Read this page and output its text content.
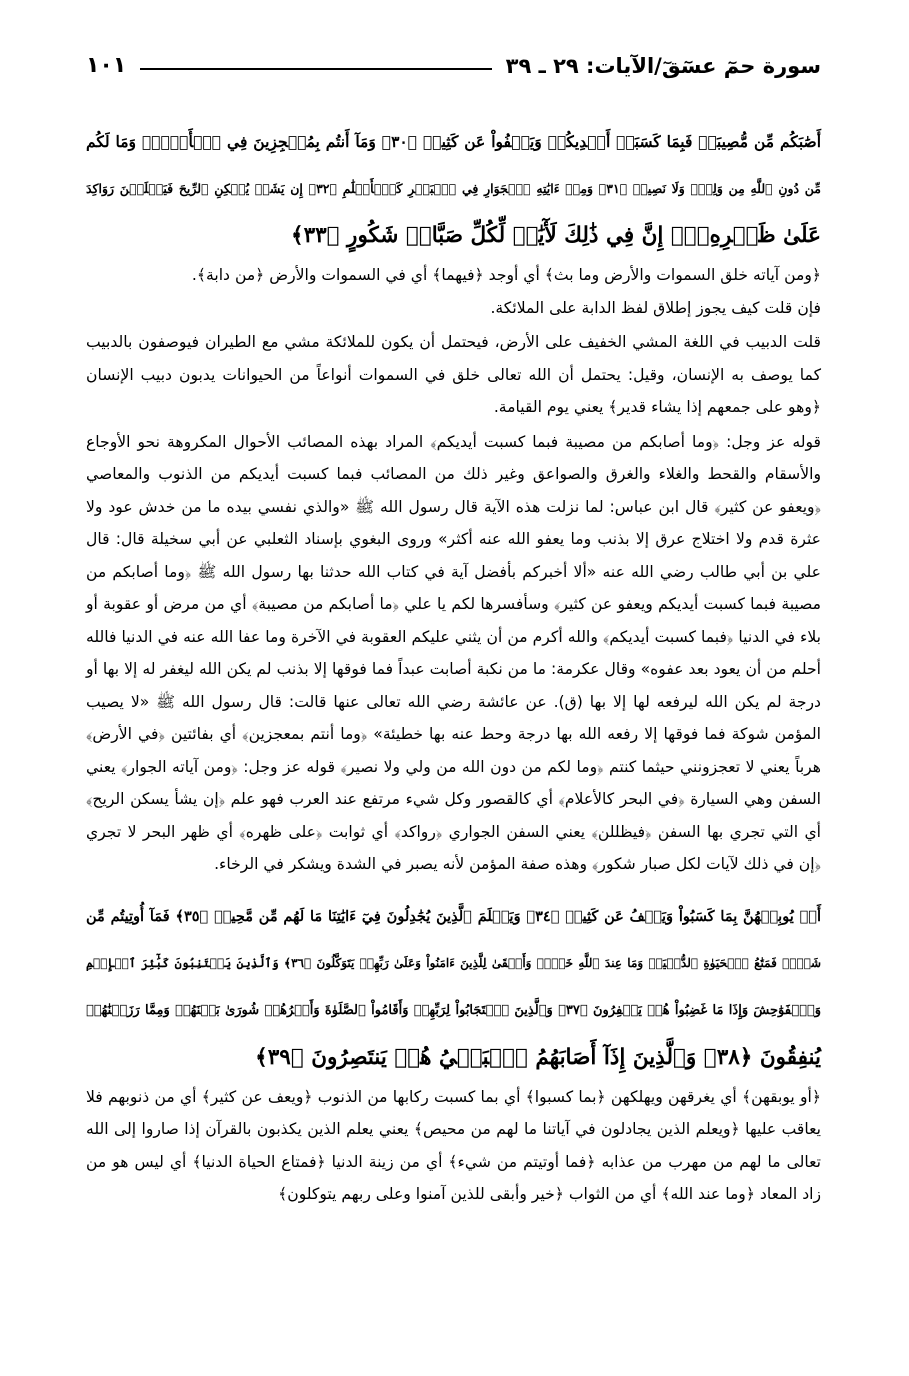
سورة حمٓ عسٓقٓ/الآيات: ٢٩ ـ ٣٩
١٠١

أَصَٰبَكُم مِّن مُّصِيبَةٖ فَبِمَا كَسَبَتۡ أَيۡدِيكُمۡ وَيَعۡفُواْ عَن كَثِيرٖ ﴿٣٠﴾ وَمَآ أَنتُم بِمُعۡجِزِينَ فِي ٱلۡأَرۡضِۖ وَمَا لَكُم

مِّن دُونِ ٱللَّهِ مِن وَلِيّٖ وَلَا نَصِيرٖ ﴿٣١﴾ وَمِنۡ ءَايَٰتِهِ ٱلۡجَوَارِ فِي ٱلۡبَحۡرِ كَٱلۡأَعۡلَٰمِ ﴿٣٢﴾ إِن يَشَأۡ يُسۡكِنِ ٱلرِّيحَ فَيَظۡلَلۡنَ رَوَاكِدَ

عَلَىٰ ظَهۡرِهِۦٓۚ إِنَّ فِي ذَٰلِكَ لَأٓيَٰتٖ لِّكُلِّ صَبَّارٖ شَكُورٍ ﴿٣٣﴾

﴿ومن آياته خلق السموات والأرض وما بث﴾ أي أوجد ﴿فيهما﴾ أي في السموات والأرض ﴿من دابة﴾.

فإن قلت كيف يجوز إطلاق لفظ الدابة على الملائكة.

قلت الدبيب في اللغة المشي الخفيف على الأرض، فيحتمل أن يكون للملائكة مشي مع الطيران فيوصفون بالدبيب كما يوصف به الإنسان، وقيل: يحتمل أن الله تعالى خلق في السموات أنواعاً من الحيوانات يدبون دبيب الإنسان ﴿وهو على جمعهم إذا يشاء قدير﴾ يعني يوم القيامة.

قوله عز وجل: ﴿وما أصابكم من مصيبة فبما كسبت أيديكم﴾ المراد بهذه المصائب الأحوال المكروهة نحو الأوجاع والأسقام والقحط والغلاء والغرق والصواعق وغير ذلك من المصائب فبما كسبت أيديكم من الذنوب والمعاصي ﴿ويعفو عن كثير﴾ قال ابن عباس: لما نزلت هذه الآية قال رسول الله ﷺ «والذي نفسي بيده ما من خدش عود ولا عثرة قدم ولا اختلاج عرق إلا بذنب وما يعفو الله عنه أكثر» وروى البغوي بإسناد الثعلبي عن أبي سخيلة قال: قال علي بن أبي طالب رضي الله عنه «ألا أخبركم بأفضل آية في كتاب الله حدثنا بها رسول الله ﷺ ﴿وما أصابكم من مصيبة فبما كسبت أيديكم ويعفو عن كثير﴾ وسأفسرها لكم يا علي ﴿ما أصابكم من مصيبة﴾ أي من مرض أو عقوبة أو بلاء في الدنيا ﴿فبما كسبت أيديكم﴾ والله أكرم من أن يثني عليكم العقوبة في الآخرة وما عفا الله عنه في الدنيا فالله أحلم من أن يعود بعد عفوه» وقال عكرمة: ما من نكبة أصابت عبداً فما فوقها إلا بذنب لم يكن الله ليغفر له إلا بها أو درجة لم يكن الله ليرفعه لها إلا بها (ق). عن عائشة رضي الله تعالى عنها قالت: قال رسول الله ﷺ «لا يصيب المؤمن شوكة فما فوقها إلا رفعه الله بها درجة وحط عنه بها خطيئة» ﴿وما أنتم بمعجزين﴾ أي بفائتين ﴿في الأرض﴾ هرباً يعني لا تعجزونني حيثما كنتم ﴿وما لكم من دون الله من ولي ولا نصير﴾ قوله عز وجل: ﴿ومن آياته الجوار﴾ يعني السفن وهي السيارة ﴿في البحر كالأعلام﴾ أي كالقصور وكل شيء مرتفع عند العرب فهو علم ﴿إن يشأ يسكن الريح﴾ أي التي تجري بها السفن ﴿فيظللن﴾ يعني السفن الجواري ﴿رواكد﴾ أي ثوابت ﴿على ظهره﴾ أي ظهر البحر لا تجري ﴿إن في ذلك لآيات لكل صبار شكور﴾ وهذه صفة المؤمن لأنه يصبر في الشدة ويشكر في الرخاء.

أَوۡ يُوبِقۡهُنَّ بِمَا كَسَبُواْ وَيَعۡفُ عَن كَثِيرٖ ﴿٣٤﴾ وَيَعۡلَمَ ٱلَّذِينَ يُجَٰدِلُونَ فِيٓ ءَايَٰتِنَا مَا لَهُم مِّن مَّحِيصٖ ﴿٣٥﴾ فَمَآ أُوتِيتُم مِّن

شَيۡءٖ فَمَتَٰعُ ٱلۡحَيَوٰةِ ٱلدُّنۡيَاۖ وَمَا عِندَ ٱللَّهِ خَيۡرٞ وَأَبۡقَىٰ لِلَّذِينَ ءَامَنُواْ وَعَلَىٰ رَبِّهِمۡ يَتَوَكَّلُونَ ﴿٣٦﴾ وَٱلَّذِينَ يَجۡتَنِبُونَ كَبَٰٓئِرَ ٱلۡإِثۡمِ

وَٱلۡفَوَٰحِشَ وَإِذَا مَا غَضِبُواْ هُمۡ يَغۡفِرُونَ ﴿٣٧﴾ وَٱلَّذِينَ ٱسۡتَجَابُواْ لِرَبِّهِمۡ وَأَقَامُواْ ٱلصَّلَوٰةَ وَأَمۡرُهُمۡ شُورَىٰ بَيۡنَهُمۡ وَمِمَّا رَزَقۡنَٰهُمۡ

يُنفِقُونَ ﴿٣٨﴾ وَٱلَّذِينَ إِذَآ أَصَابَهُمُ ٱلۡبَغۡيُ هُمۡ يَنتَصِرُونَ ﴿٣٩﴾

﴿أو يوبقهن﴾ أي يغرقهن ويهلكهن ﴿بما كسبوا﴾ أي بما كسبت ركابها من الذنوب ﴿ويعف عن كثير﴾ أي من ذنوبهم فلا يعاقب عليها ﴿ويعلم الذين يجادلون في آياتنا ما لهم من محيص﴾ يعني يعلم الذين يكذبون بالقرآن إذا صاروا إلى الله تعالى ما لهم من مهرب من عذابه ﴿فما أوتيتم من شيء﴾ أي من زينة الدنيا ﴿فمتاع الحياة الدنيا﴾ أي ليس هو من زاد المعاد ﴿وما عند الله﴾ أي من الثواب ﴿خير وأبقى للذين آمنوا وعلى ربهم يتوكلون﴾
